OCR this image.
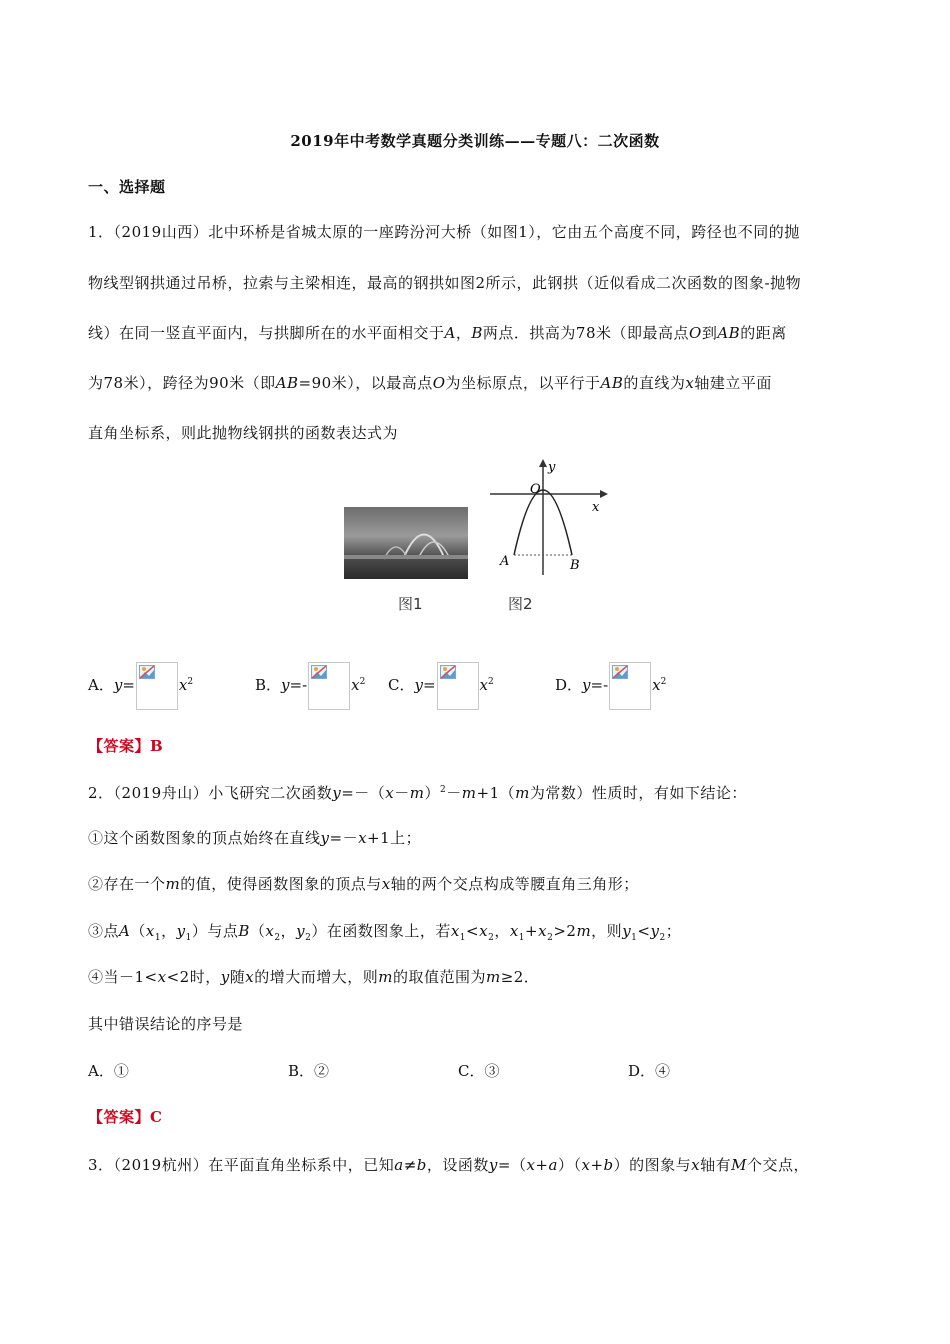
2019年中考数学真题分类训练——专题八：二次函数
一、选择题
1．（2019山西）北中环桥是省城太原的一座跨汾河大桥（如图1），它由五个高度不同，跨径也不同的抛
物线型钢拱通过吊桥，拉索与主梁相连，最高的钢拱如图2所示，此钢拱（近似看成二次函数的图象-抛物
线）在同一竖直平面内，与拱脚所在的水平面相交于A，B两点．拱高为78米（即最高点O到AB的距离
为78米），跨径为90米（即AB=90米），以最高点O为坐标原点，以平行于AB的直线为x轴建立平面
直角坐标系，则此抛物线钢拱的函数表达式为
y
x
O
A	B
图1	图2
A．y=	$x^2$	B．y=-	$x^2$ C．y=	$x^2$	D．y=-	$x^2$
【答案】B
2．（2019舟山）小飞研究二次函数$y=-(x-m)^2-m+1(m$为常数）性质时，有如下结论：
①这个函数图象的顶点始终在直线y=－x+1上；
②存在一个m的值，使得函数图象的顶点与x轴的两个交点构成等腰直角三角形；
③点$A(x_1$，$y_1$）与点$B(x_2$，$y_2$）在函数图象上，若$x_1<x_2$，$x_1+x_2>2m$，则$y_1<y_2$；
④当－1<x<2时，y随x的增大而增大，则m的取值范围为m≥2．
其中错误结论的序号是
A．①	B．②	C．③	D．④
【答案】C
3．（2019杭州）在平面直角坐标系中，已知a≠b，设函数y=（x+a）（x+b）的图象与x轴有M个交点，
